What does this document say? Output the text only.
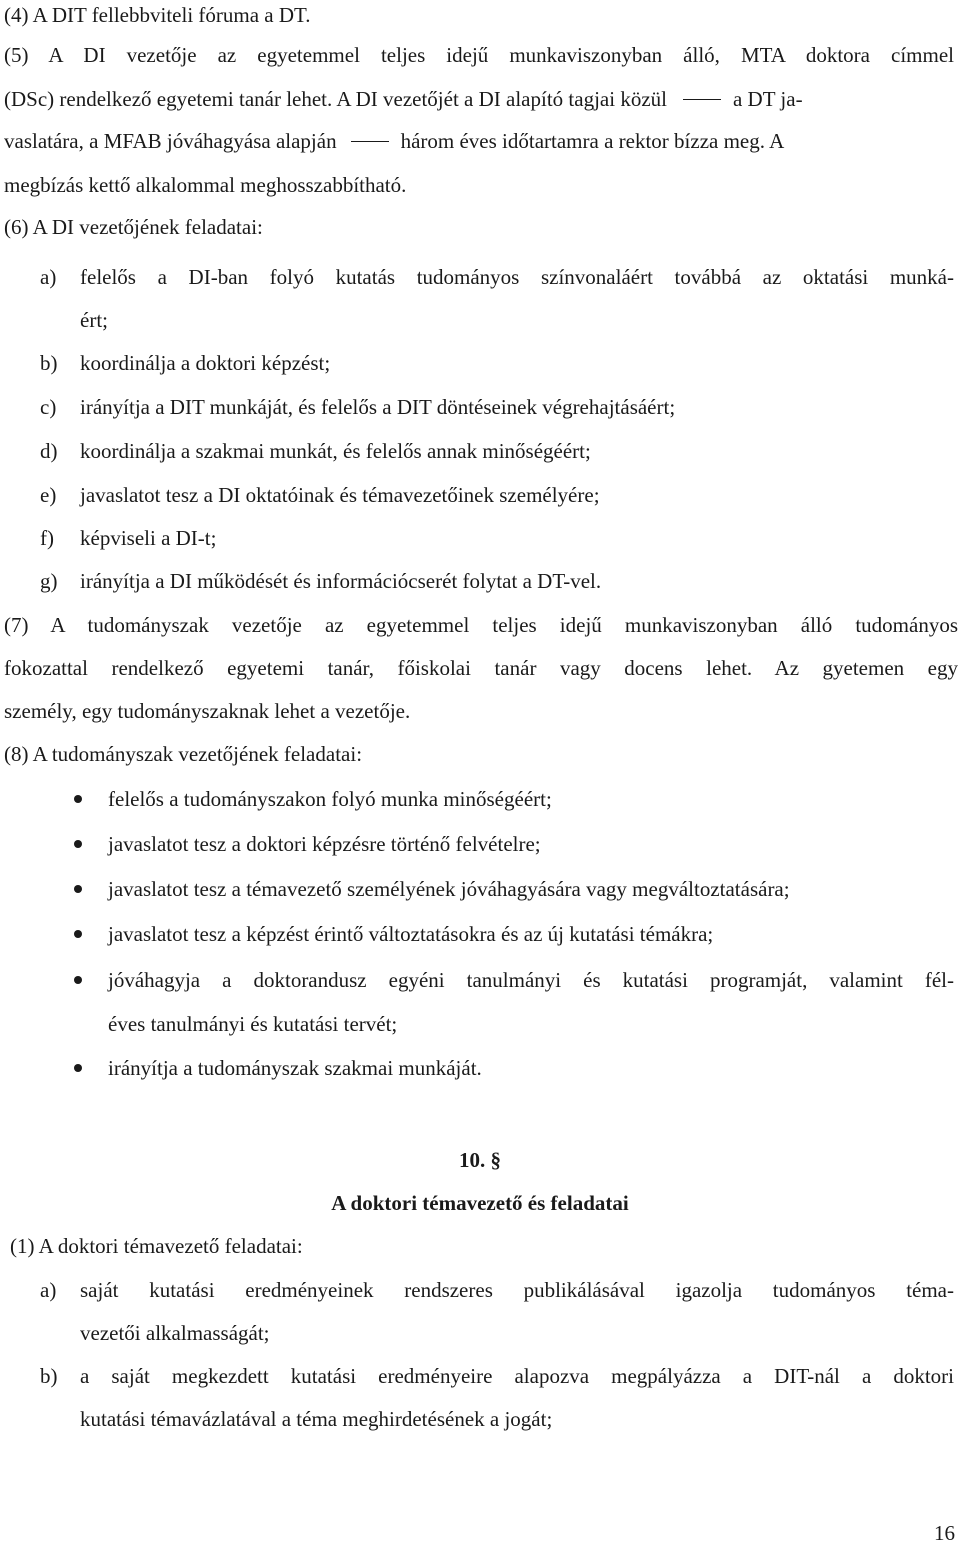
(4) A DIT fellebbviteli fóruma a DT.
(5) A DI vezetője az egyetemmel teljes idejű munkaviszonyban álló, MTA doktora címmel
(DSc) rendelkező egyetemi tanár lehet. A DI vezetőjét a DI alapító tagjai közül	a DT ja-
vaslatára, a MFAB jóváhagyása alapján	három éves időtartamra a rektor bízza meg. A
megbízás kettő alkalommal meghosszabbítható.
(6) A DI vezetőjének feladatai:
a) felelős a DI-ban folyó kutatás tudományos színvonaláért továbbá az oktatási munká-
ért;
b) koordinálja a doktori képzést;
c) irányítja a DIT munkáját, és felelős a DIT döntéseinek végrehajtásáért;
d) koordinálja a szakmai munkát, és felelős annak minőségéért;
e) javaslatot tesz a DI oktatóinak és témavezetőinek személyére;
f) képviseli a DI-t;
g) irányítja a DI működését és információcserét folytat a DT-vel.
(7) A tudományszak vezetője az egyetemmel teljes idejű munkaviszonyban álló tudományos
fokozattal rendelkező egyetemi tanár, főiskolai tanár vagy docens lehet. Az gyetemen egy
személy, egy tudományszaknak lehet a vezetője.
(8) A tudományszak vezetőjének feladatai:
felelős a tudományszakon folyó munka minőségéért;
javaslatot tesz a doktori képzésre történő felvételre;
javaslatot tesz a témavezető személyének jóváhagyására vagy megváltoztatására;
javaslatot tesz a képzést érintő változtatásokra és az új kutatási témákra;
jóváhagyja a doktorandusz egyéni tanulmányi és kutatási programját, valamint fél-
éves tanulmányi és kutatási tervét;
irányítja a tudományszak szakmai munkáját.
10. §
A doktori témavezető és feladatai
(1) A doktori témavezető feladatai:
a) saját kutatási eredményeinek rendszeres publikálásával igazolja tudományos téma-
vezetői alkalmasságát;
b) a saját megkezdett kutatási eredményeire alapozva megpályázza a DIT-nál a doktori
kutatási témavázlatával a téma meghirdetésének a jogát;
16
